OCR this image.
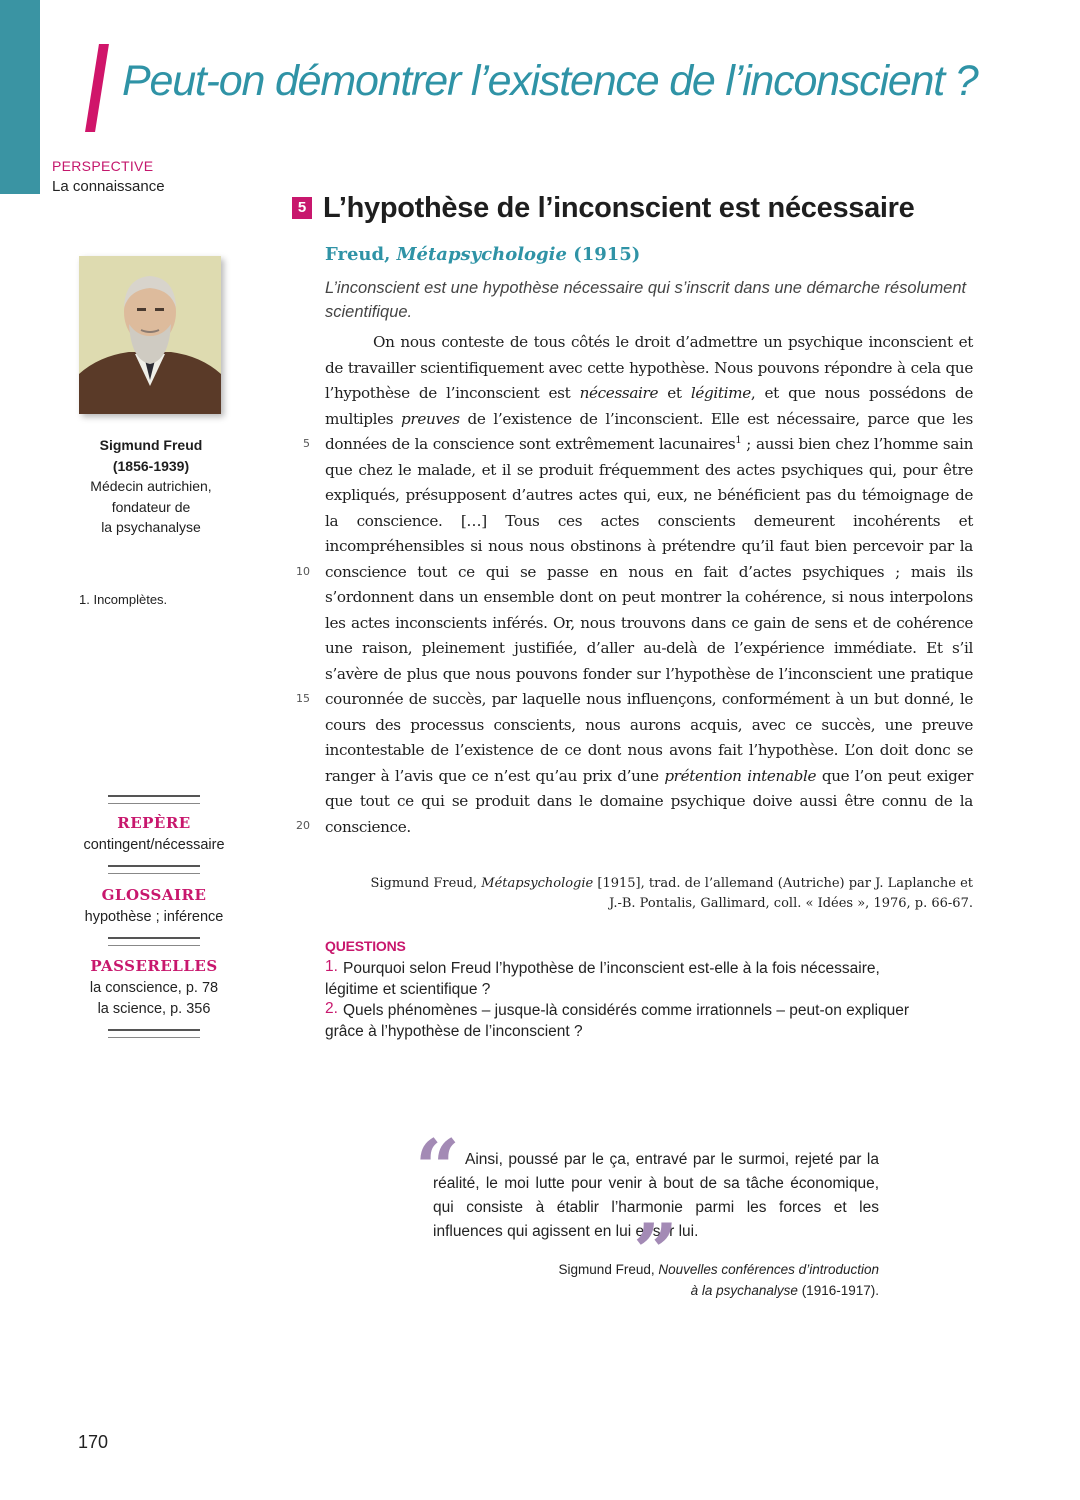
Peut-on démontrer l’existence de l’inconscient ?
PERSPECTIVE
La connaissance
5 L’hypothèse de l’inconscient est nécessaire
Sigmund Freud
(1856-1939)
Médecin autrichien,
fondateur de
la psychanalyse
1. Incomplètes.
Freud, Métapsychologie (1915)
L’inconscient est une hypothèse nécessaire qui s’inscrit dans une démarche résolument scientifique.
On nous conteste de tous côtés le droit d’admettre un psychique inconscient et de travailler scientifiquement avec cette hypothèse. Nous pouvons répondre à cela que l’hypothèse de l’inconscient est nécessaire et légitime, et que nous possédons de multiples preuves de l’existence de l’inconscient. Elle est nécessaire, parce que les données de la conscience sont extrêmement lacunaires$^1$ ; aussi bien chez l’homme sain que chez le malade, et il se produit fréquemment des actes psychiques qui, pour être expliqués, présupposent d’autres actes qui, eux, ne bénéficient pas du témoignage de la conscience. […] Tous ces actes conscients demeurent incohérents et incompréhensibles si nous nous obstinons à prétendre qu’il faut bien percevoir par la conscience tout ce qui se passe en nous en fait d’actes psychiques ; mais ils s’ordonnent dans un ensemble dont on peut montrer la cohérence, si nous interpolons les actes inconscients inférés. Or, nous trouvons dans ce gain de sens et de cohérence une raison, pleinement justifiée, d’aller au-delà de l’expérience immédiate. Et s’il s’avère de plus que nous pouvons fonder sur l’hypothèse de l’inconscient une pratique couronnée de succès, par laquelle nous influençons, conformément à un but donné, le cours des processus conscients, nous aurons acquis, avec ce succès, une preuve incontestable de l’existence de ce dont nous avons fait l’hypothèse. L’on doit donc se ranger à l’avis que ce n’est qu’au prix d’une prétention intenable que l’on peut exiger que tout ce qui se produit dans le domaine psychique doive aussi être connu de la conscience.
5
10
15
20
Sigmund Freud, Métapsychologie [1915], trad. de l’allemand (Autriche) par J. Laplanche et
J.-B. Pontalis, Gallimard, coll. « Idées », 1976, p. 66-67.
QUESTIONS
1. Pourquoi selon Freud l’hypothèse de l’inconscient est-elle à la fois nécessaire,
légitime et scientifique ?
2. Quels phénomènes – jusque-là considérés comme irrationnels – peut-on expliquer
grâce à l’hypothèse de l’inconscient ?
REPÈRE
contingent/nécessaire
GLOSSAIRE
hypothèse ; inférence
PASSERELLES
la conscience, p. 78
la science, p. 356
“ Ainsi, poussé par le ça, entravé par le surmoi, rejeté par la réalité, le moi lutte pour venir à bout de sa tâche économique, qui consiste à établir l’harmonie parmi les forces et les influences qui agissent en lui et sur lui.
”
Sigmund Freud, Nouvelles conférences d’introduction
à la psychanalyse (1916-1917).
170
